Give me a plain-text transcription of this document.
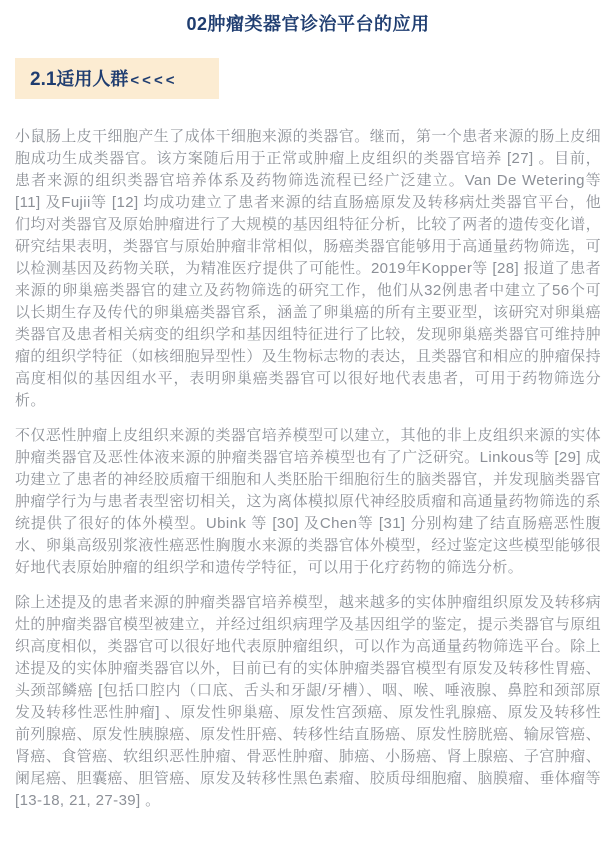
02肿瘤类器官诊治平台的应用
2.1适用人群 <<<<

小鼠肠上皮干细胞产生了成体干细胞来源的类器官。继而，第一个患者来源的肠上皮细胞成功生成类器官。该方案随后用于正常或肿瘤上皮组织的类器官培养 [27] 。目前，患者来源的组织类器官培养体系及药物筛选流程已经广泛建立。Van De Wetering等 [11] 及Fujii等 [12] 均成功建立了患者来源的结直肠癌原发及转移病灶类器官平台，他们均对类器官及原始肿瘤进行了大规模的基因组特征分析，比较了两者的遗传变化谱，研究结果表明，类器官与原始肿瘤非常相似，肠癌类器官能够用于高通量药物筛选，可以检测基因及药物关联，为精准医疗提供了可能性。2019年Kopper等 [28] 报道了患者来源的卵巢癌类器官的建立及药物筛选的研究工作，他们从32例患者中建立了56个可以长期生存及传代的卵巢癌类器官系，涵盖了卵巢癌的所有主要亚型，该研究对卵巢癌类器官及患者相关病变的组织学和基因组特征进行了比较，发现卵巢癌类器官可维持肿瘤的组织学特征（如核细胞异型性）及生物标志物的表达，且类器官和相应的肿瘤保持高度相似的基因组水平，表明卵巢癌类器官可以很好地代表患者，可用于药物筛选分析。

不仅恶性肿瘤上皮组织来源的类器官培养模型可以建立，其他的非上皮组织来源的实体肿瘤类器官及恶性体液来源的肿瘤类器官培养模型也有了广泛研究。Linkous等 [29] 成功建立了患者的神经胶质瘤干细胞和人类胚胎干细胞衍生的脑类器官，并发现脑类器官肿瘤学行为与患者表型密切相关，这为离体模拟原代神经胶质瘤和高通量药物筛选的系统提供了很好的体外模型。Ubink 等 [30] 及Chen等 [31] 分别构建了结直肠癌恶性腹水、卵巢高级别浆液性癌恶性胸腹水来源的类器官体外模型，经过鉴定这些模型能够很好地代表原始肿瘤的组织学和遗传学特征，可以用于化疗药物的筛选分析。

除上述提及的患者来源的肿瘤类器官培养模型，越来越多的实体肿瘤组织原发及转移病灶的肿瘤类器官模型被建立，并经过组织病理学及基因组学的鉴定，提示类器官与原组织高度相似，类器官可以很好地代表原肿瘤组织，可以作为高通量药物筛选平台。除上述提及的实体肿瘤类器官以外，目前已有的实体肿瘤类器官模型有原发及转移性胃癌、头颈部鳞癌 [包括口腔内（口底、舌头和牙龈/牙槽）、咽、喉、唾液腺、鼻腔和颈部原发及转移性恶性肿瘤] 、原发性卵巢癌、原发性宫颈癌、原发性乳腺癌、原发及转移性前列腺癌、原发性胰腺癌、原发性肝癌、转移性结直肠癌、原发性膀胱癌、输尿管癌、肾癌、食管癌、软组织恶性肿瘤、骨恶性肿瘤、肺癌、小肠癌、肾上腺癌、子宫肿瘤、阑尾癌、胆囊癌、胆管癌、原发及转移性黑色素瘤、胶质母细胞瘤、脑膜瘤、垂体瘤等 [13-18, 21, 27-39] 。
